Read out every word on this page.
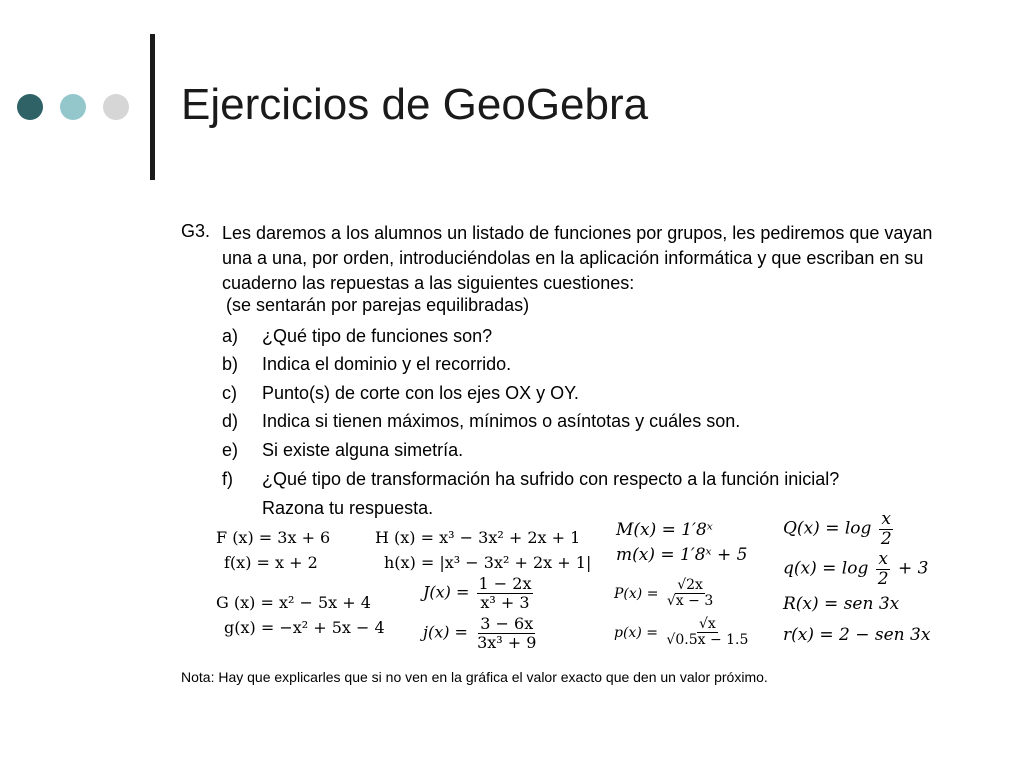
Ejercicios de GeoGebra
G3. Les daremos a los alumnos un listado de funciones por grupos, les pediremos que vayan una a una, por orden, introduciéndolas en la aplicación informática y que escriban en su cuaderno las repuestas a las siguientes cuestiones:
(se sentarán por parejas equilibradas)
a) ¿Qué tipo de funciones son?
b) Indica el dominio y el recorrido.
c) Punto(s) de corte con los ejes OX y OY.
d) Indica si tienen máximos, mínimos o asíntotas y cuáles son.
e) Si existe alguna simetría.
f) ¿Qué tipo de transformación ha sufrido con respecto a la función inicial?
Razona tu respuesta.
F (x) = 3x + 6
f(x) = x + 2
G (x) = x² − 5x + 4
g(x) = −x² + 5x − 4
H (x) = x³ − 3x² + 2x + 1
h(x) = |x³ − 3x² + 2x + 1|
$J(x) = \frac{1 - 2x}{\text{x³ + 3}}$
$j(x) = \frac{3 - 6x}{\text{3x³ + 9}}$
M(x) = 1′8ˣ
m(x) = 1′8ˣ + 5
$P(x) = \frac{√2x}{√x - 3}$
$p(x) = \frac{√x}{√0.5x - 1.5}$
$Q(x) = \log \frac{x}{2}$
$q(x) = \log \frac{x}{2} + 3$
R(x) = sen 3x
r(x) = 2 − sen 3x
Nota: Hay que explicarles que si no ven en la gráfica el valor exacto que den un valor próximo.
